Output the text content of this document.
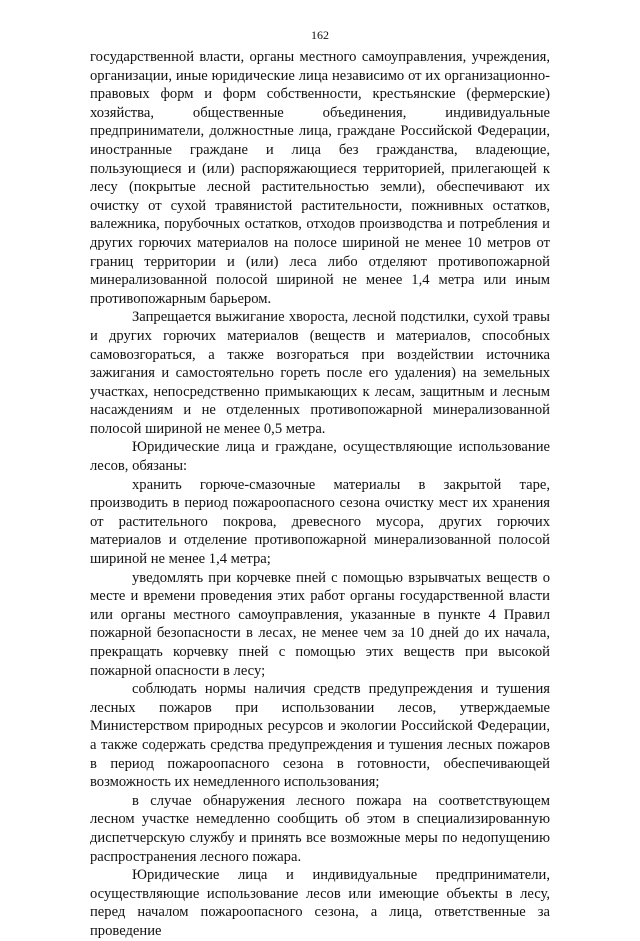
162

государственной власти, органы местного самоуправления, учреждения, организации, иные юридические лица независимо от их организационно-правовых форм и форм собственности, крестьянские (фермерские) хозяйства, общественные объединения, индивидуальные предприниматели, должностные лица, граждане Российской Федерации, иностранные граждане и лица без гражданства, владеющие, пользующиеся и (или) распоряжающиеся территорией, прилегающей к лесу (покрытые лесной растительностью земли), обеспечивают их очистку от сухой травянистой растительности, пожнивных остатков, валежника, порубочных остатков, отходов производства и потребления и других горючих материалов на полосе шириной не менее 10 метров от границ территории и (или) леса либо отделяют противопожарной минерализованной полосой шириной не менее 1,4 метра или иным противопожарным барьером.

Запрещается выжигание хвороста, лесной подстилки, сухой травы и других горючих материалов (веществ и материалов, способных самовозгораться, а также возгораться при воздействии источника зажигания и самостоятельно гореть после его удаления) на земельных участках, непосредственно примыкающих к лесам, защитным и лесным насаждениям и не отделенных противопожарной минерализованной полосой шириной не менее 0,5 метра.

Юридические лица и граждане, осуществляющие использование лесов, обязаны:

хранить горюче-смазочные материалы в закрытой таре, производить в период пожароопасного сезона очистку мест их хранения от растительного покрова, древесного мусора, других горючих материалов и отделение противопожарной минерализованной полосой шириной не менее 1,4 метра;

уведомлять при корчевке пней с помощью взрывчатых веществ о месте и времени проведения этих работ органы государственной власти или органы местного самоуправления, указанные в пункте 4 Правил пожарной безопасности в лесах, не менее чем за 10 дней до их начала, прекращать корчевку пней с помощью этих веществ при высокой пожарной опасности в лесу;

соблюдать нормы наличия средств предупреждения и тушения лесных пожаров при использовании лесов, утверждаемые Министерством природных ресурсов и экологии Российской Федерации, а также содержать средства предупреждения и тушения лесных пожаров в период пожароопасного сезона в готовности, обеспечивающей возможность их немедленного использования;

в случае обнаружения лесного пожара на соответствующем лесном участке немедленно сообщить об этом в специализированную диспетчерскую службу и принять все возможные меры по недопущению распространения лесного пожара.

Юридические лица и индивидуальные предприниматели, осуществляющие использование лесов или имеющие объекты в лесу, перед началом пожароопасного сезона, а лица, ответственные за проведение
